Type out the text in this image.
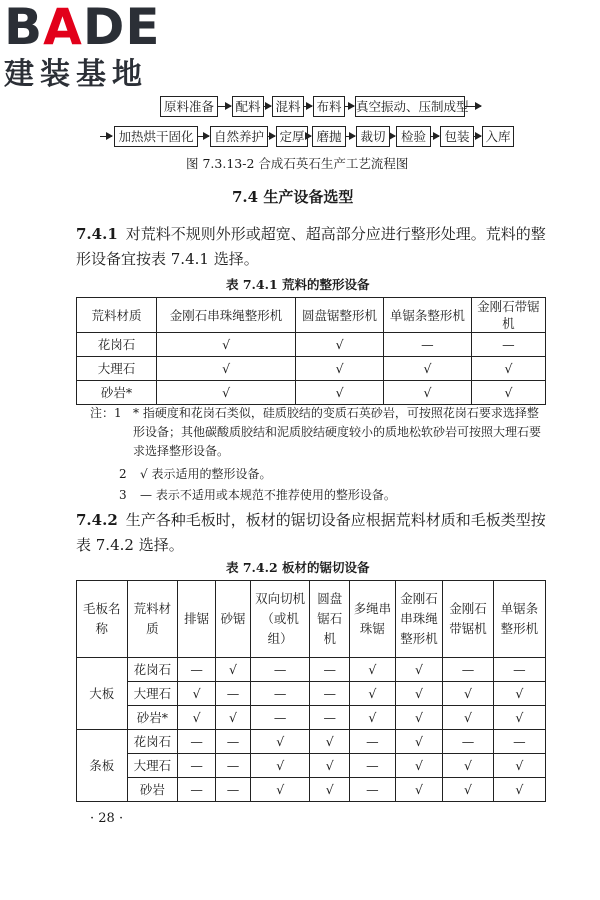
BADE
建装基地
原料准备	配料 混料 布料 真空振动、压制成型
加热烘干固化	自然养护	定厚 磨抛	裁切	检验	包装	入库
图 7.3.13-2 合成石英石生产工艺流程图
7.4 生产设备选型
7.4.1 对荒料不规则外形或超宽、超高部分应进行整形处理。荒料的整形设备宜按表 7.4.1 选择。
表 7.4.1 荒料的整形设备
荒料材质	金刚石串珠绳整形机	圆盘锯整形机	单锯条整形机	金刚石带锯机
花岗石	√	√	—	—
大理石	√	√	√	√
砂岩*	√	√	√	√
注：1 * 指硬度和花岗石类似，硅质胶结的变质石英砂岩，可按照花岗石要求选择整形设备；其他碳酸质胶结和泥质胶结硬度较小的质地松软砂岩可按照大理石要求选择整形设备。
2 √ 表示适用的整形设备。
3 — 表示不适用或本规范不推荐使用的整形设备。
7.4.2 生产各种毛板时，板材的锯切设备应根据荒料材质和毛板类型按表 7.4.2 选择。
表 7.4.2 板材的锯切设备
毛板名称	荒料材质	排锯	砂锯	双向切机（或机组）	圆盘锯石机	多绳串珠锯	金刚石串珠绳整形机	金刚石带锯机	单锯条整形机
大板	花岗石	—	√	—	—	√	√	—	—
	大理石	√	—	—	—	√	√	√	√
	砂岩*	√	√	—	—	√	√	√	√
条板	花岗石	—	—	√	√	—	√	—	—
	大理石	—	—	√	√	—	√	√	√
	砂岩	—	—	√	√	—	√	√	√
· 28 ·
